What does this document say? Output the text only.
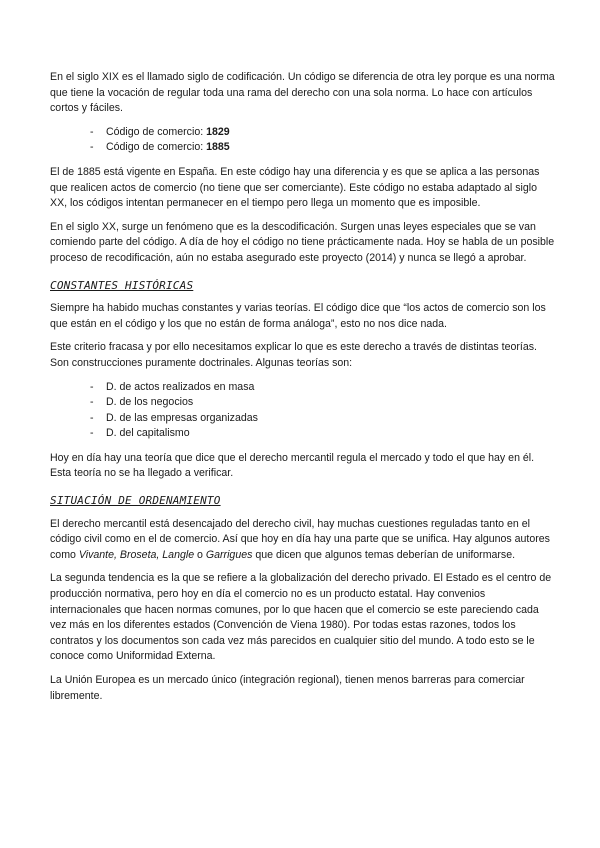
En el siglo XIX es el llamado siglo de codificación. Un código se diferencia de otra ley porque es una norma que tiene la vocación de regular toda una rama del derecho con una sola norma. Lo hace con artículos cortos y fáciles.

- Código de comercio: 1829
- Código de comercio: 1885

El de 1885 está vigente en España. En este código hay una diferencia y es que se aplica a las personas que realicen actos de comercio (no tiene que ser comerciante). Este código no estaba adaptado al siglo XX, los códigos intentan permanecer en el tiempo pero llega un momento que es imposible.

En el siglo XX, surge un fenómeno que es la descodificación. Surgen unas leyes especiales que se van comiendo parte del código. A día de hoy el código no tiene prácticamente nada. Hoy se habla de un posible proceso de recodificación, aún no estaba asegurado este proyecto (2014) y nunca se llegó a aprobar.

CONSTANTES HISTÓRICAS

Siempre ha habido muchas constantes y varias teorías. El código dice que “los actos de comercio son los que están en el código y los que no están de forma análoga”, esto no nos dice nada.

Este criterio fracasa y por ello necesitamos explicar lo que es este derecho a través de distintas teorías. Son construcciones puramente doctrinales. Algunas teorías son:

- D. de actos realizados en masa
- D. de los negocios
- D. de las empresas organizadas
- D. del capitalismo

Hoy en día hay una teoría que dice que el derecho mercantil regula el mercado y todo el que hay en él. Esta teoría no se ha llegado a verificar.

SITUACIÓN DE ORDENAMIENTO

El derecho mercantil está desencajado del derecho civil, hay muchas cuestiones reguladas tanto en el código civil como en el de comercio. Así que hoy en día hay una parte que se unifica. Hay algunos autores como Vivante, Broseta, Langle o Garrigues que dicen que algunos temas deberían de uniformarse.

La segunda tendencia es la que se refiere a la globalización del derecho privado. El Estado es el centro de producción normativa, pero hoy en día el comercio no es un producto estatal. Hay convenios internacionales que hacen normas comunes, por lo que hacen que el comercio se este pareciendo cada vez más en los diferentes estados (Convención de Viena 1980). Por todas estas razones, todos los contratos y los documentos son cada vez más parecidos en cualquier sitio del mundo. A todo esto se le conoce como Uniformidad Externa.

La Unión Europea es un mercado único (integración regional), tienen menos barreras para comerciar libremente.
